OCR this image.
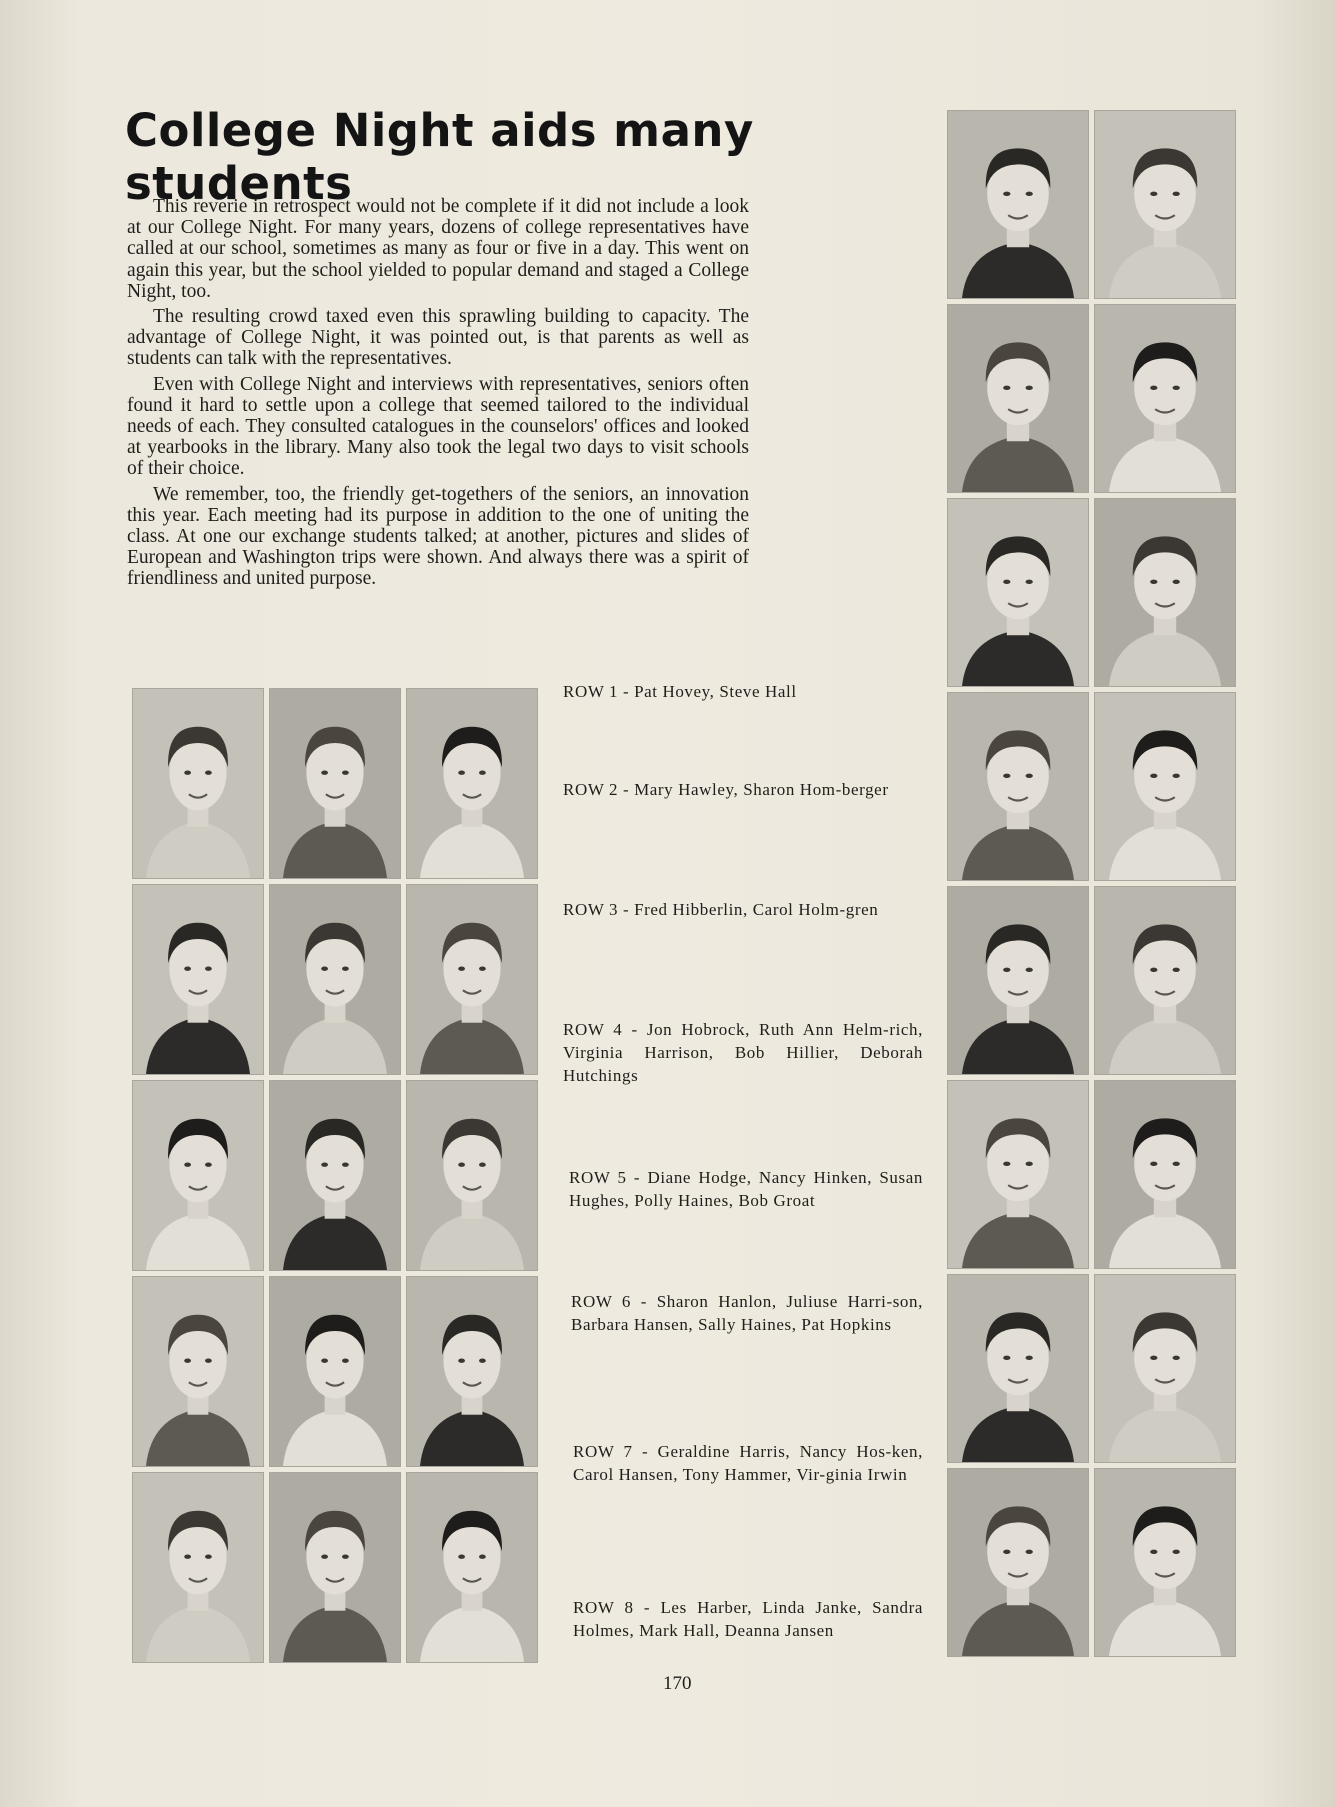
College Night aids many students

This reverie in retrospect would not be complete if it did not include a look at our College Night. For many years, dozens of college representatives have called at our school, sometimes as many as four or five in a day. This went on again this year, but the school yielded to popular demand and staged a College Night, too.

The resulting crowd taxed even this sprawling building to capacity. The advantage of College Night, it was pointed out, is that parents as well as students can talk with the representatives.

Even with College Night and interviews with representatives, seniors often found it hard to settle upon a college that seemed tailored to the individual needs of each. They consulted catalogues in the counselors' offices and looked at yearbooks in the library. Many also took the legal two days to visit schools of their choice.

We remember, too, the friendly get-togethers of the seniors, an innovation this year. Each meeting had its purpose in addition to the one of uniting the class. At one our exchange students talked; at another, pictures and slides of European and Washington trips were shown. And always there was a spirit of friendliness and united purpose.

ROW 1 - Pat Hovey, Steve Hall
ROW 2 - Mary Hawley, Sharon Hom-berger
ROW 3 - Fred Hibberlin, Carol Holm-gren
ROW 4 - Jon Hobrock, Ruth Ann Helm-rich, Virginia Harrison, Bob Hillier, Deborah Hutchings
ROW 5 - Diane Hodge, Nancy Hinken, Susan Hughes, Polly Haines, Bob Groat
ROW 6 - Sharon Hanlon, Juliuse Harri-son, Barbara Hansen, Sally Haines, Pat Hopkins
ROW 7 - Geraldine Harris, Nancy Hos-ken, Carol Hansen, Tony Hammer, Vir-ginia Irwin
ROW 8 - Les Harber, Linda Janke, Sandra Holmes, Mark Hall, Deanna Jansen
170
